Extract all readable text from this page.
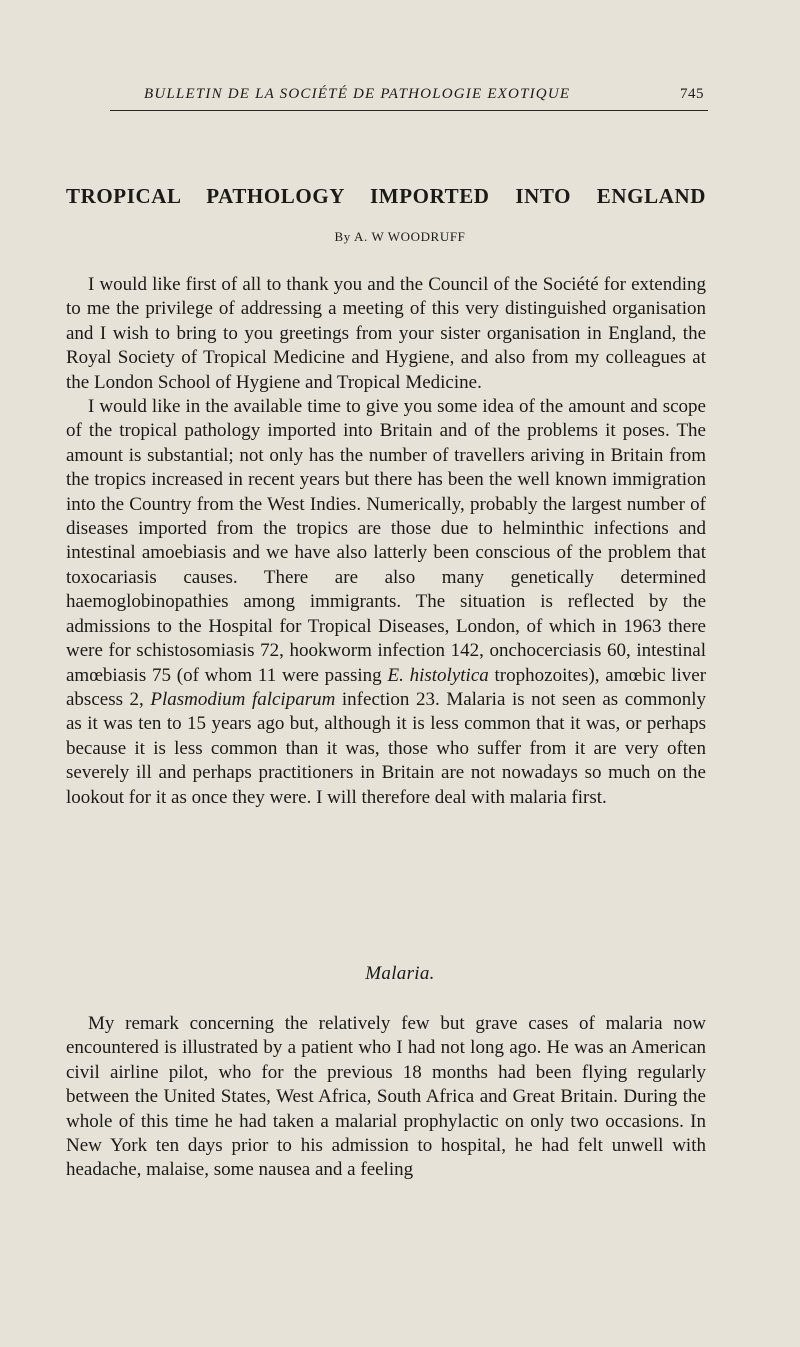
BULLETIN DE LA SOCIÉTÉ DE PATHOLOGIE EXOTIQUE	745
TROPICAL PATHOLOGY IMPORTED INTO ENGLAND
By A. W WOODRUFF

I would like first of all to thank you and the Council of the Société for extending to me the privilege of addressing a meeting of this very distinguished organisation and I wish to bring to you greetings from your sister organisation in England, the Royal Society of Tropical Medicine and Hygiene, and also from my colleagues at the London School of Hygiene and Tropical Medicine.

I would like in the available time to give you some idea of the amount and scope of the tropical pathology imported into Britain and of the problems it poses. The amount is substantial; not only has the number of travellers ariving in Britain from the tropics increased in recent years but there has been the well known immigration into the Country from the West Indies. Numerically, probably the largest number of diseases imported from the tropics are those due to helminthic infections and intestinal amoebiasis and we have also latterly been conscious of the problem that toxocariasis causes. There are also many genetically determined haemoglobinopathies among immigrants. The situation is reflected by the admissions to the Hospital for Tropical Diseases, London, of which in 1963 there were for schistosomiasis 72, hookworm infection 142, onchocerciasis 60, intestinal amœbiasis 75 (of whom 11 were passing E. histolytica trophozoites), amœbic liver abscess 2, Plasmodium falciparum infection 23. Malaria is not seen as commonly as it was ten to 15 years ago but, although it is less common that it was, or perhaps because it is less common than it was, those who suffer from it are very often severely ill and perhaps practitioners in Britain are not nowadays so much on the lookout for it as once they were. I will therefore deal with malaria first.

Malaria.

My remark concerning the relatively few but grave cases of malaria now encountered is illustrated by a patient who I had not long ago. He was an American civil airline pilot, who for the previous 18 months had been flying regularly between the United States, West Africa, South Africa and Great Britain. During the whole of this time he had taken a malarial prophylactic on only two occasions. In New York ten days prior to his admission to hospital, he had felt unwell with headache, malaise, some nausea and a feeling
